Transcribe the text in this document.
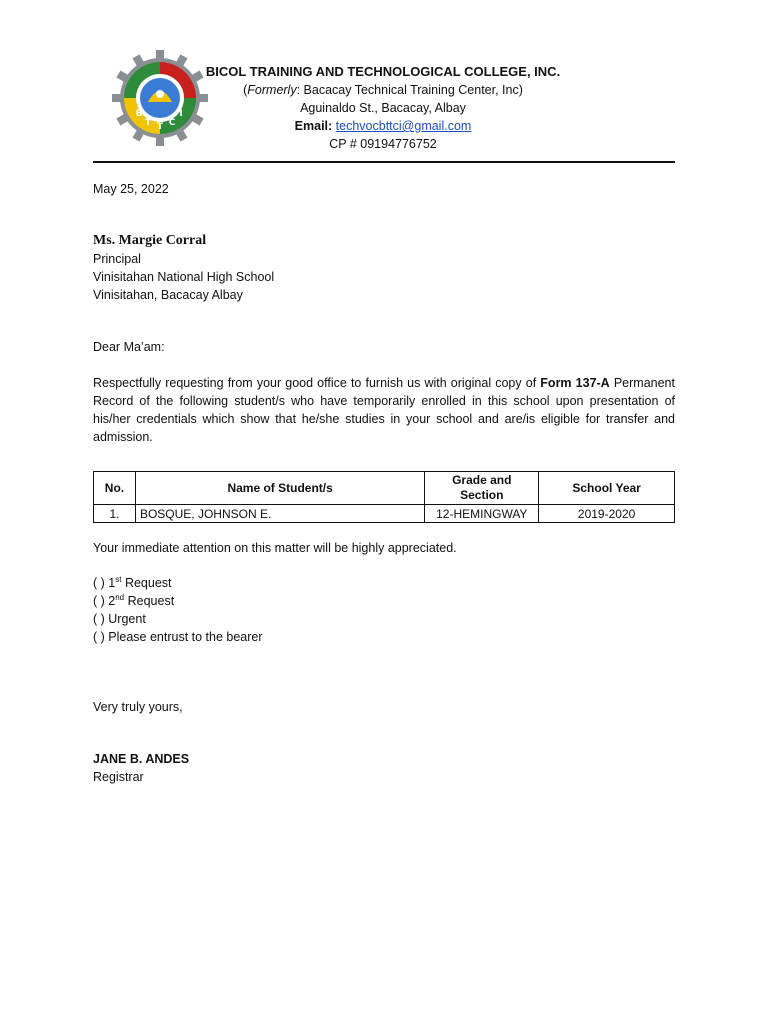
B
T T C
I
BICOL TRAINING AND TECHNOLOGICAL COLLEGE, INC.
(Formerly: Bacacay Technical Training Center, Inc)
Aguinaldo St., Bacacay, Albay
Email: techvocbttci@gmail.com
CP # 09194776752
May 25, 2022
Ms. Margie Corral
Principal
Vinisitahan National High School
Vinisitahan, Bacacay Albay
Dear Ma’am:
Respectfully requesting from your good office to furnish us with original copy of Form 137-A Permanent Record of the following student/s who have temporarily enrolled in this school upon presentation of his/her credentials which show that he/she studies in your school and are/is eligible for transfer and admission.
No.	Name of Student/s	Grade and Section	School Year
1.	BOSQUE, JOHNSON E.	12-HEMINGWAY	2019-2020
Your immediate attention on this matter will be highly appreciated.
( ) 1st Request
( ) 2nd Request
( ) Urgent
( ) Please entrust to the bearer
Very truly yours,
JANE B. ANDES
Registrar
